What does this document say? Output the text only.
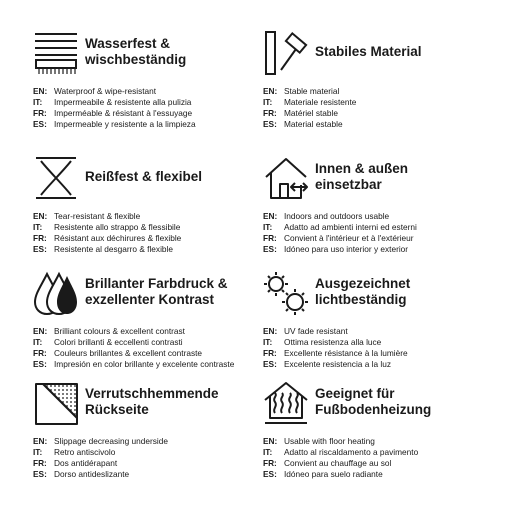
Wasserfest &
wischbeständig
EN: Waterproof & wipe-resistant
IT:	Impermeabile & resistente alla pulizia
FR: Imperméable & résistant à l'essuyage
ES: Impermeable y resistente a la limpieza
Stabiles Material
EN: Stable material
IT:	Materiale resistente
FR: Matériel stable
ES: Material estable
Reißfest & flexibel
EN: Tear-resistant & flexible
IT:	Resistente allo strappo & flessibile
FR: Résistant aux déchirures & flexible
ES: Resistente al desgarro & flexible
Innen & außen
einsetzbar
EN: Indoors and outdoors usable
IT:	Adatto ad ambienti interni ed esterni
FR: Convient à l'intérieur et à l'extérieur
ES: Idóneo para uso interior y exterior
Brillanter Farbdruck &
exzellenter Kontrast
EN: Brilliant colours & excellent contrast
IT:	Colori brillanti & eccellenti contrasti
FR: Couleurs brillantes & excellent contraste
ES: Impresión en color brillante y excelente contraste
Ausgezeichnet
lichtbeständig
EN: UV fade resistant
IT:	Ottima resistenza alla luce
FR: Excellente résistance à la lumière
ES: Excelente resistencia a la luz
Verrutschhemmende
Rückseite
EN: Slippage decreasing underside
IT:	Retro antiscivolo
FR: Dos antidérapant
ES: Dorso antideslizante
Geeignet für
Fußbodenheizung
EN: Usable with floor heating
IT:	Adatto al riscaldamento a pavimento
FR: Convient au chauffage au sol
ES: Idóneo para suelo radiante
